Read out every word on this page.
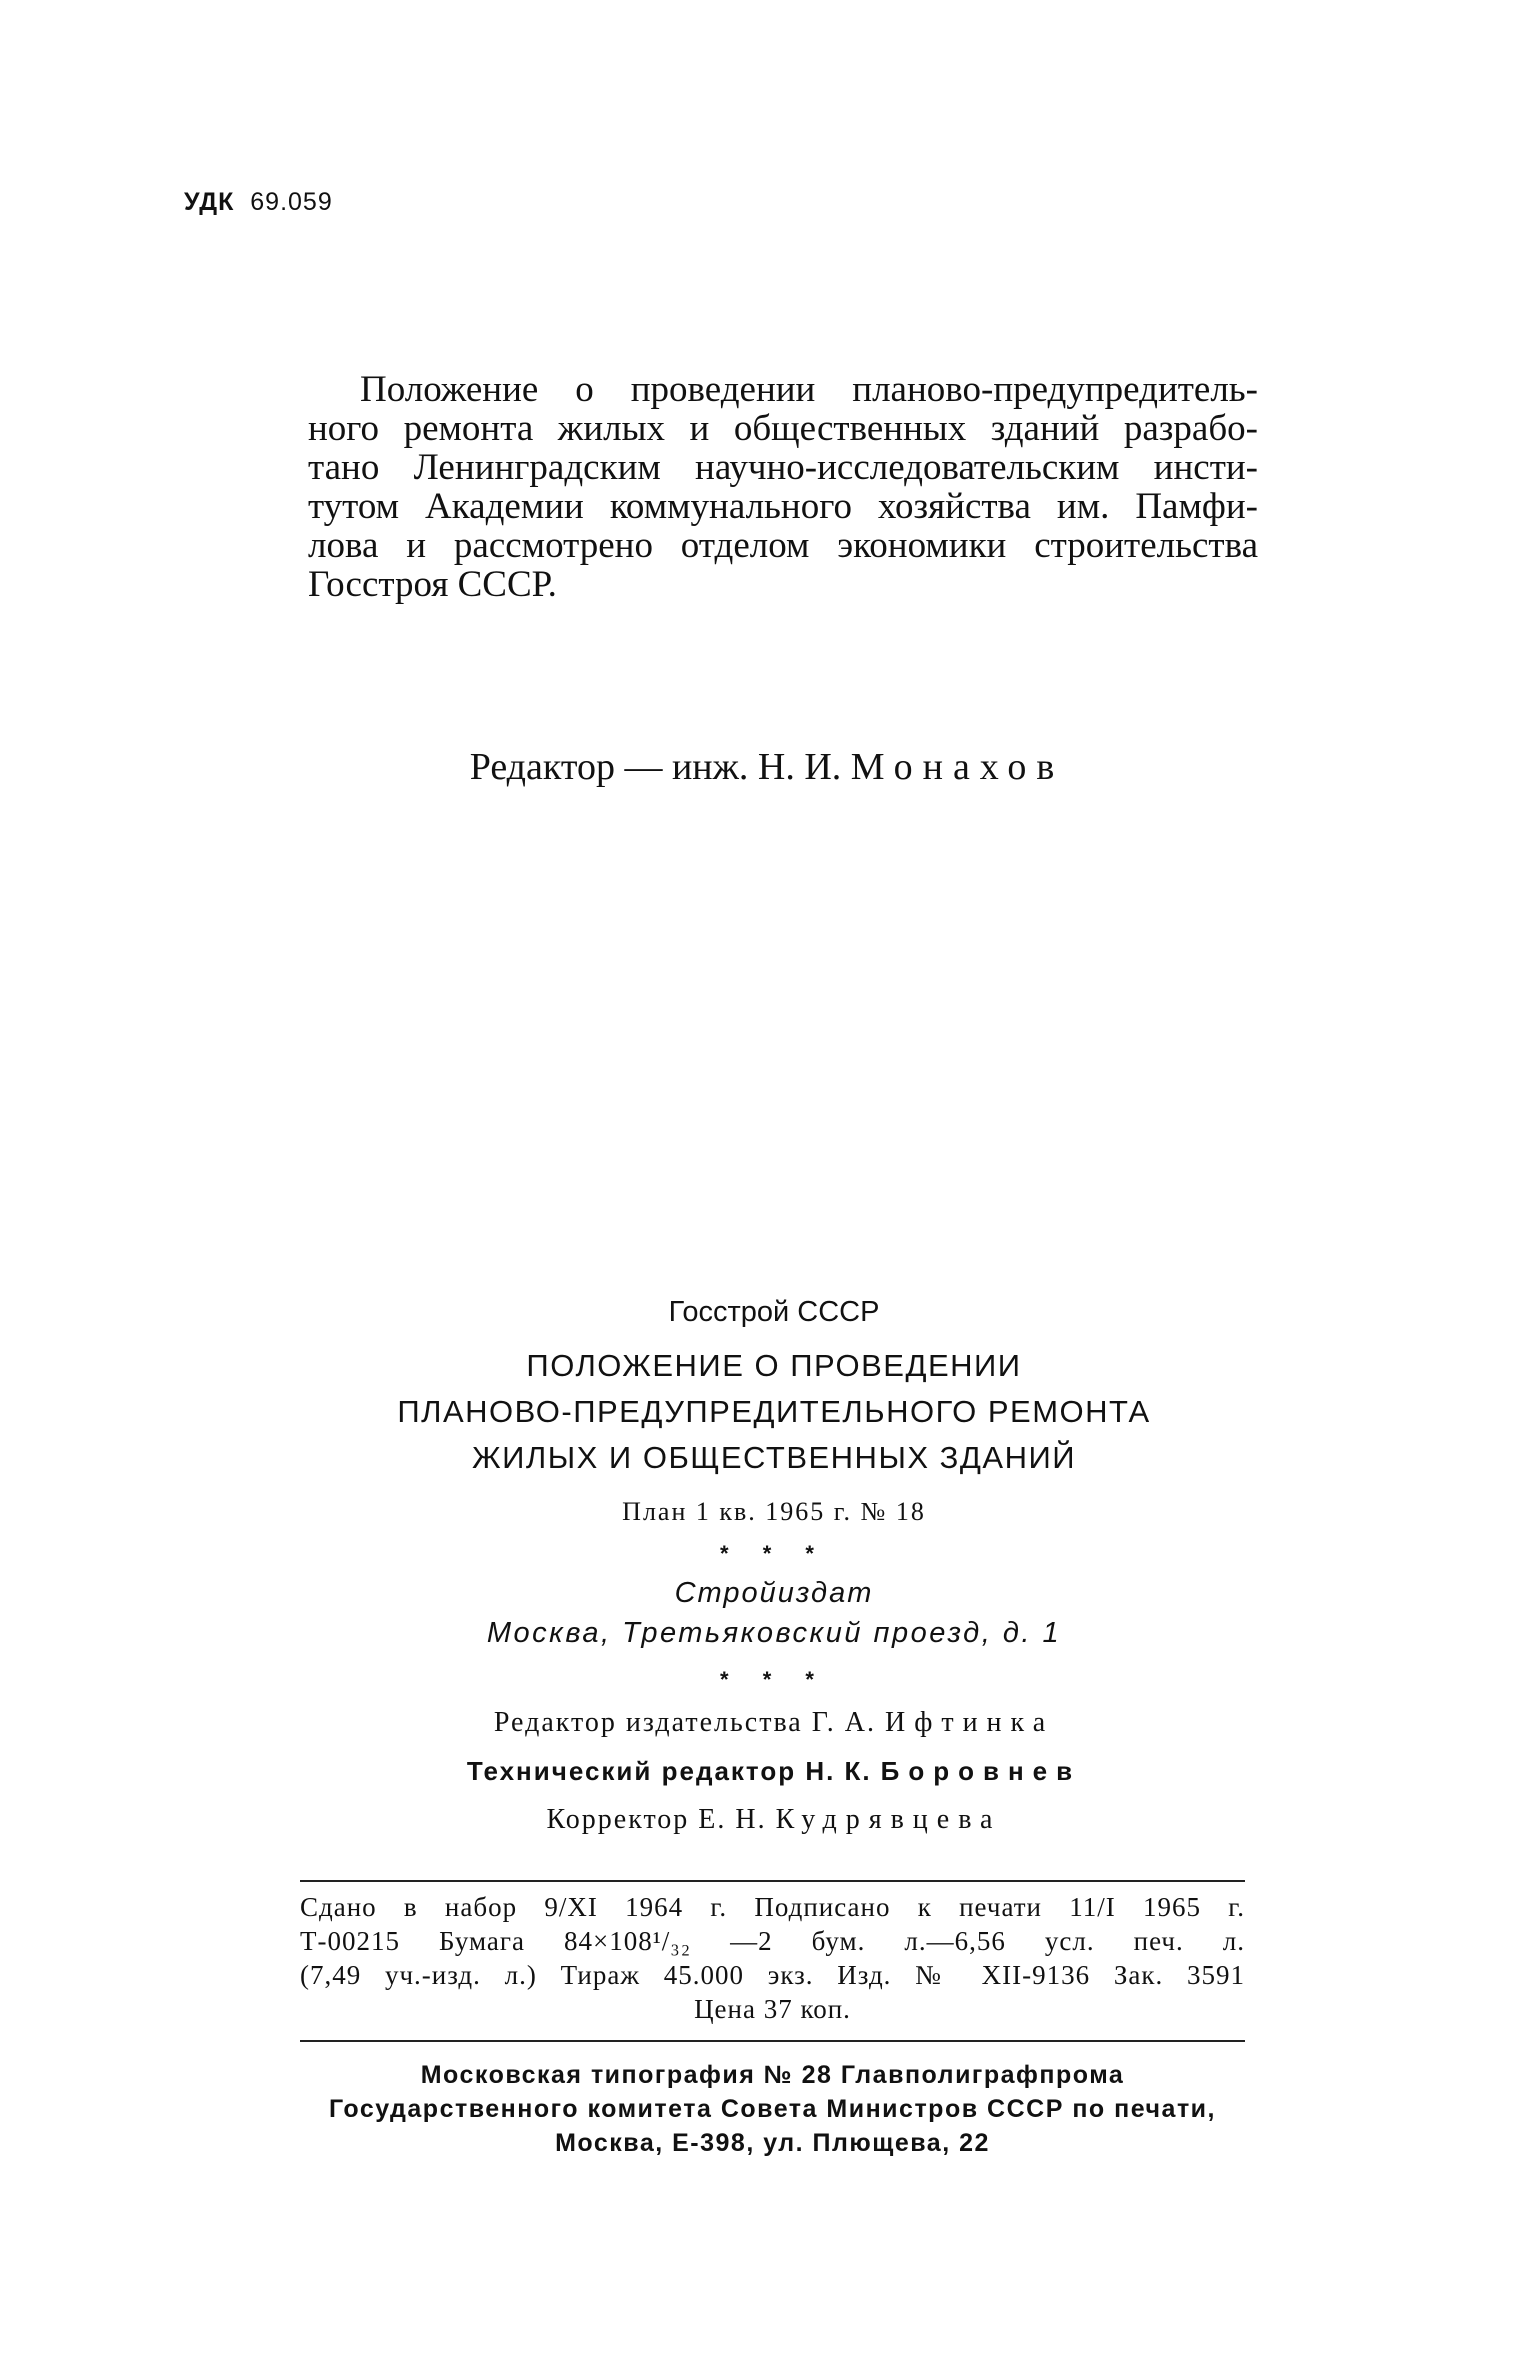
УДК 69.059
Положение о проведении планово-предупредитель-
ного ремонта жилых и общественных зданий разрабо-
тано Ленинградским научно-исследовательским инсти-
тутом Академии коммунального хозяйства им. Памфи-
лова и рассмотрено отделом экономики строительства
Госстроя СССР.
Редактор — инж. Н. И. Монахов
Госстрой СССР
ПОЛОЖЕНИЕ О ПРОВЕДЕНИИ
ПЛАНОВО-ПРЕДУПРЕДИТЕЛЬНОГО РЕМОНТА
ЖИЛЫХ И ОБЩЕСТВЕННЫХ ЗДАНИЙ
План 1 кв. 1965 г. № 18
* * *
Стройиздат
Москва, Третьяковский проезд, д. 1
* * *
Редактор издательства Г. А. Ифтинка
Технический редактор Н. К. Боровнев
Корректор Е. Н. Кудрявцева
Сдано в набор 9/XI 1964 г. Подписано к печати 11/I 1965 г.
Т-00215 Бумага 84×108¹/₃₂ —2 бум. л.—6,56 усл. печ. л.
(7,49 уч.-изд. л.) Тираж 45.000 экз. Изд. № XII-9136 Зак. 3591
Цена 37 коп.
Московская типография № 28 Главполиграфпрома
Государственного комитета Совета Министров СССР по печати,
Москва, Е-398, ул. Плющева, 22
